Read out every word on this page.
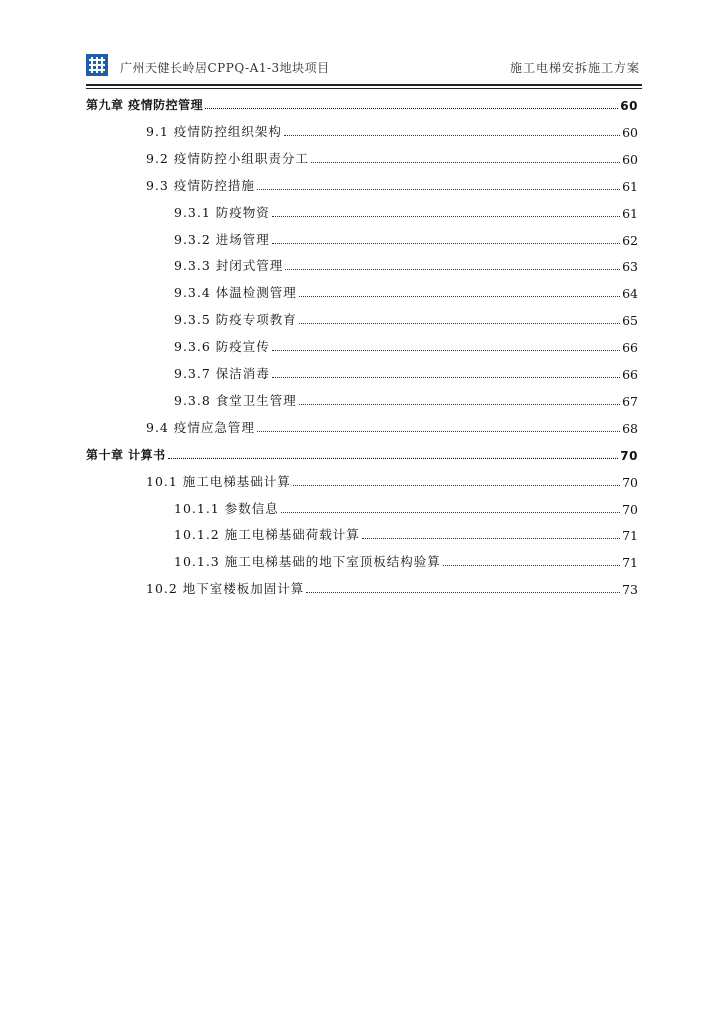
广州天健长岭居CPPQ-A1-3地块项目	施工电梯安拆施工方案
第九章 疫情防控管理	60
9.1 疫情防控组织架构	60
9.2 疫情防控小组职责分工	60
9.3 疫情防控措施	61
9.3.1 防疫物资	61
9.3.2 进场管理	62
9.3.3 封闭式管理	63
9.3.4 体温检测管理	64
9.3.5 防疫专项教育	65
9.3.6 防疫宣传	66
9.3.7 保洁消毒	66
9.3.8 食堂卫生管理	67
9.4 疫情应急管理	68
第十章 计算书	70
10.1 施工电梯基础计算	70
10.1.1 参数信息	70
10.1.2 施工电梯基础荷载计算	71
10.1.3 施工电梯基础的地下室顶板结构验算	71
10.2 地下室楼板加固计算	73
